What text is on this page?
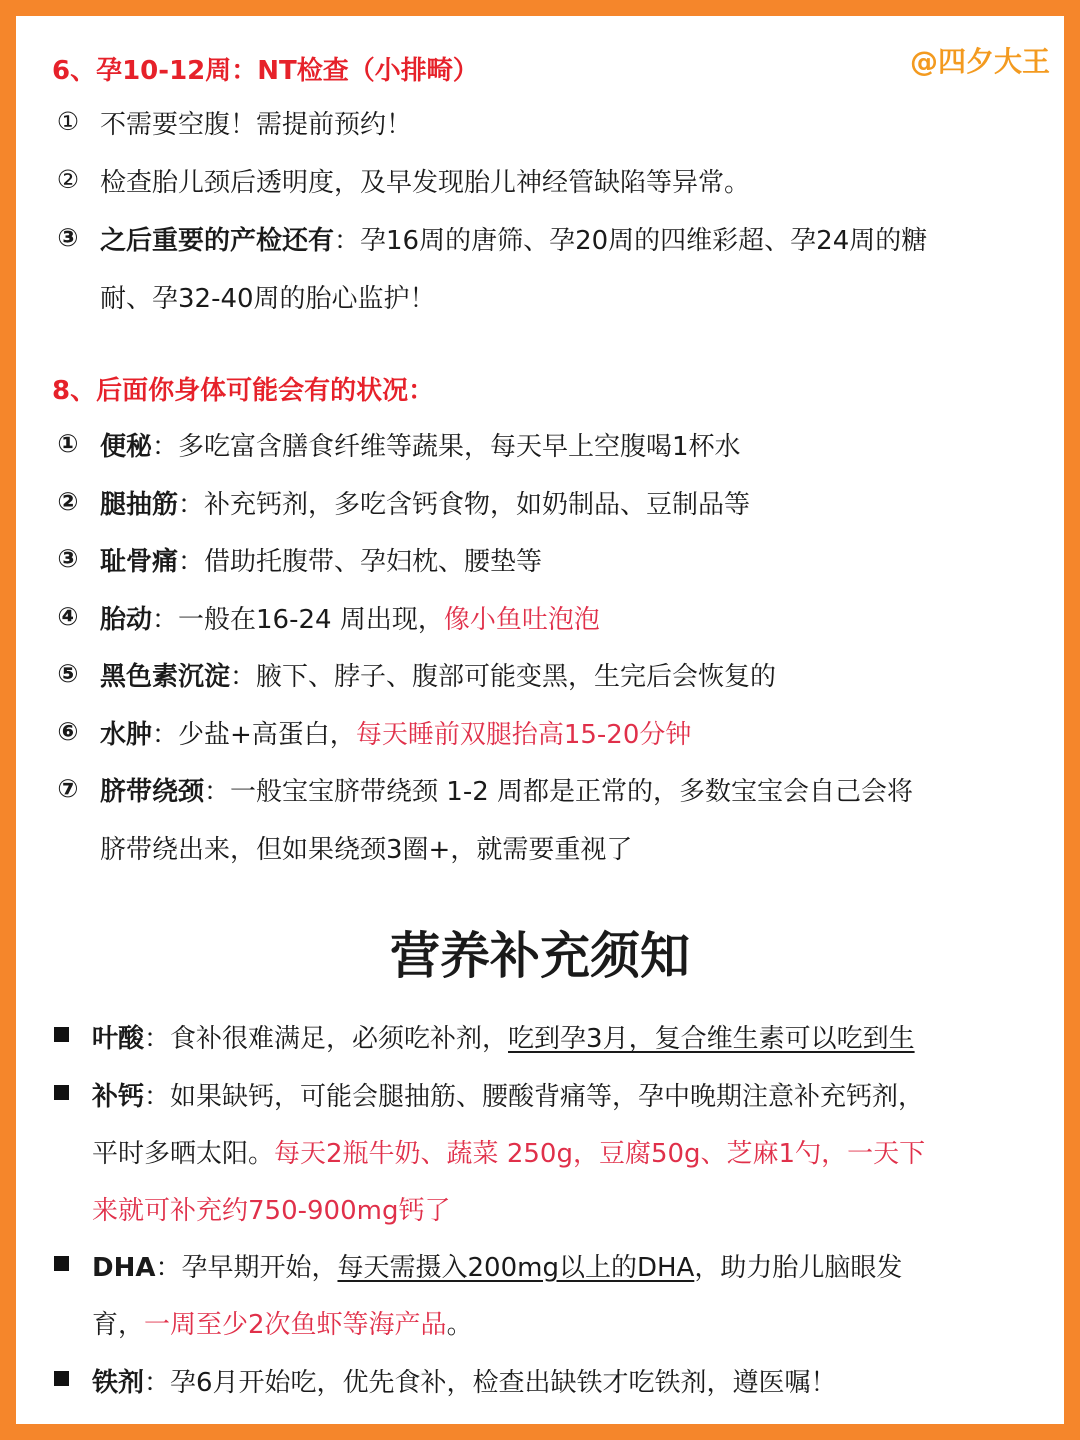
@四夕大王
6、孕10-12周：NT检查（小排畸）
① 不需要空腹！需提前预约！
② 检查胎儿颈后透明度，及早发现胎儿神经管缺陷等异常。
③ 之后重要的产检还有：孕16周的唐筛、孕20周的四维彩超、孕24周的糖
耐、孕32-40周的胎心监护！
8、后面你身体可能会有的状况：
① 便秘：多吃富含膳食纤维等蔬果，每天早上空腹喝1杯水
② 腿抽筋：补充钙剂，多吃含钙食物，如奶制品、豆制品等
③ 耻骨痛：借助托腹带、孕妇枕、腰垫等
④ 胎动：一般在16-24 周出现，像小鱼吐泡泡
⑤ 黑色素沉淀：腋下、脖子、腹部可能变黑，生完后会恢复的
⑥ 水肿：少盐+高蛋白，每天睡前双腿抬高15-20分钟
⑦ 脐带绕颈：一般宝宝脐带绕颈 1-2 周都是正常的，多数宝宝会自己会将
脐带绕出来，但如果绕颈3圈+，就需要重视了
营养补充须知
叶酸：食补很难满足，必须吃补剂，吃到孕3月，复合维生素可以吃到生
补钙：如果缺钙，可能会腿抽筋、腰酸背痛等，孕中晚期注意补充钙剂，
平时多晒太阳。每天2瓶牛奶、蔬菜 250g，豆腐50g、芝麻1勺，一天下
来就可补充约750-900mg钙了
DHA：孕早期开始，每天需摄入200mg以上的DHA，助力胎儿脑眼发
育，一周至少2次鱼虾等海产品。
铁剂：孕6月开始吃，优先食补，检查出缺铁才吃铁剂，遵医嘱！
